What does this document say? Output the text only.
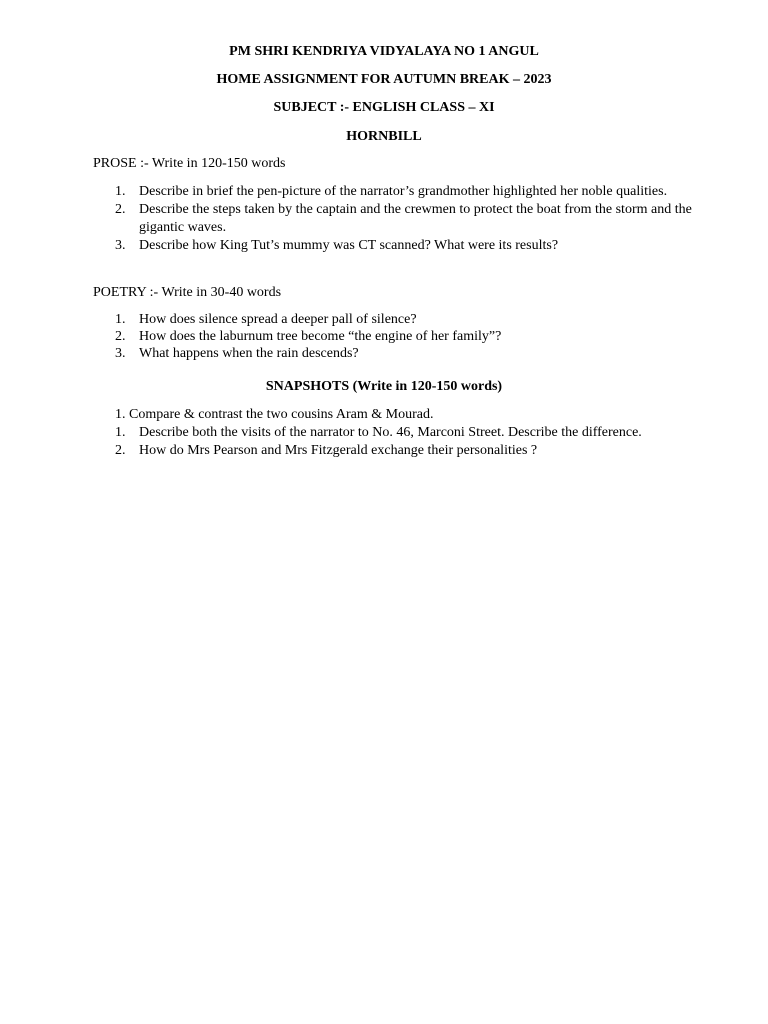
PM SHRI KENDRIYA VIDYALAYA NO 1 ANGUL
HOME ASSIGNMENT FOR AUTUMN BREAK – 2023
SUBJECT :- ENGLISH CLASS – XI
HORNBILL
PROSE :- Write in 120-150 words
1. Describe in brief the pen-picture of the narrator’s grandmother highlighted her noble qualities.
2. Describe the steps taken by the captain and the crewmen to protect the boat from the storm and the gigantic waves.
3. Describe how King Tut’s mummy was CT scanned? What were its results?
POETRY :- Write in 30-40 words
1. How does silence spread a deeper pall of silence?
2. How does the laburnum tree become “the engine of her family”?
3. What happens when the rain descends?
SNAPSHOTS (Write in 120-150 words)
1. Compare & contrast the two cousins Aram & Mourad.
1. Describe both the visits of the narrator to No. 46, Marconi Street. Describe the difference.
2. How do Mrs Pearson and Mrs Fitzgerald exchange their personalities ?
